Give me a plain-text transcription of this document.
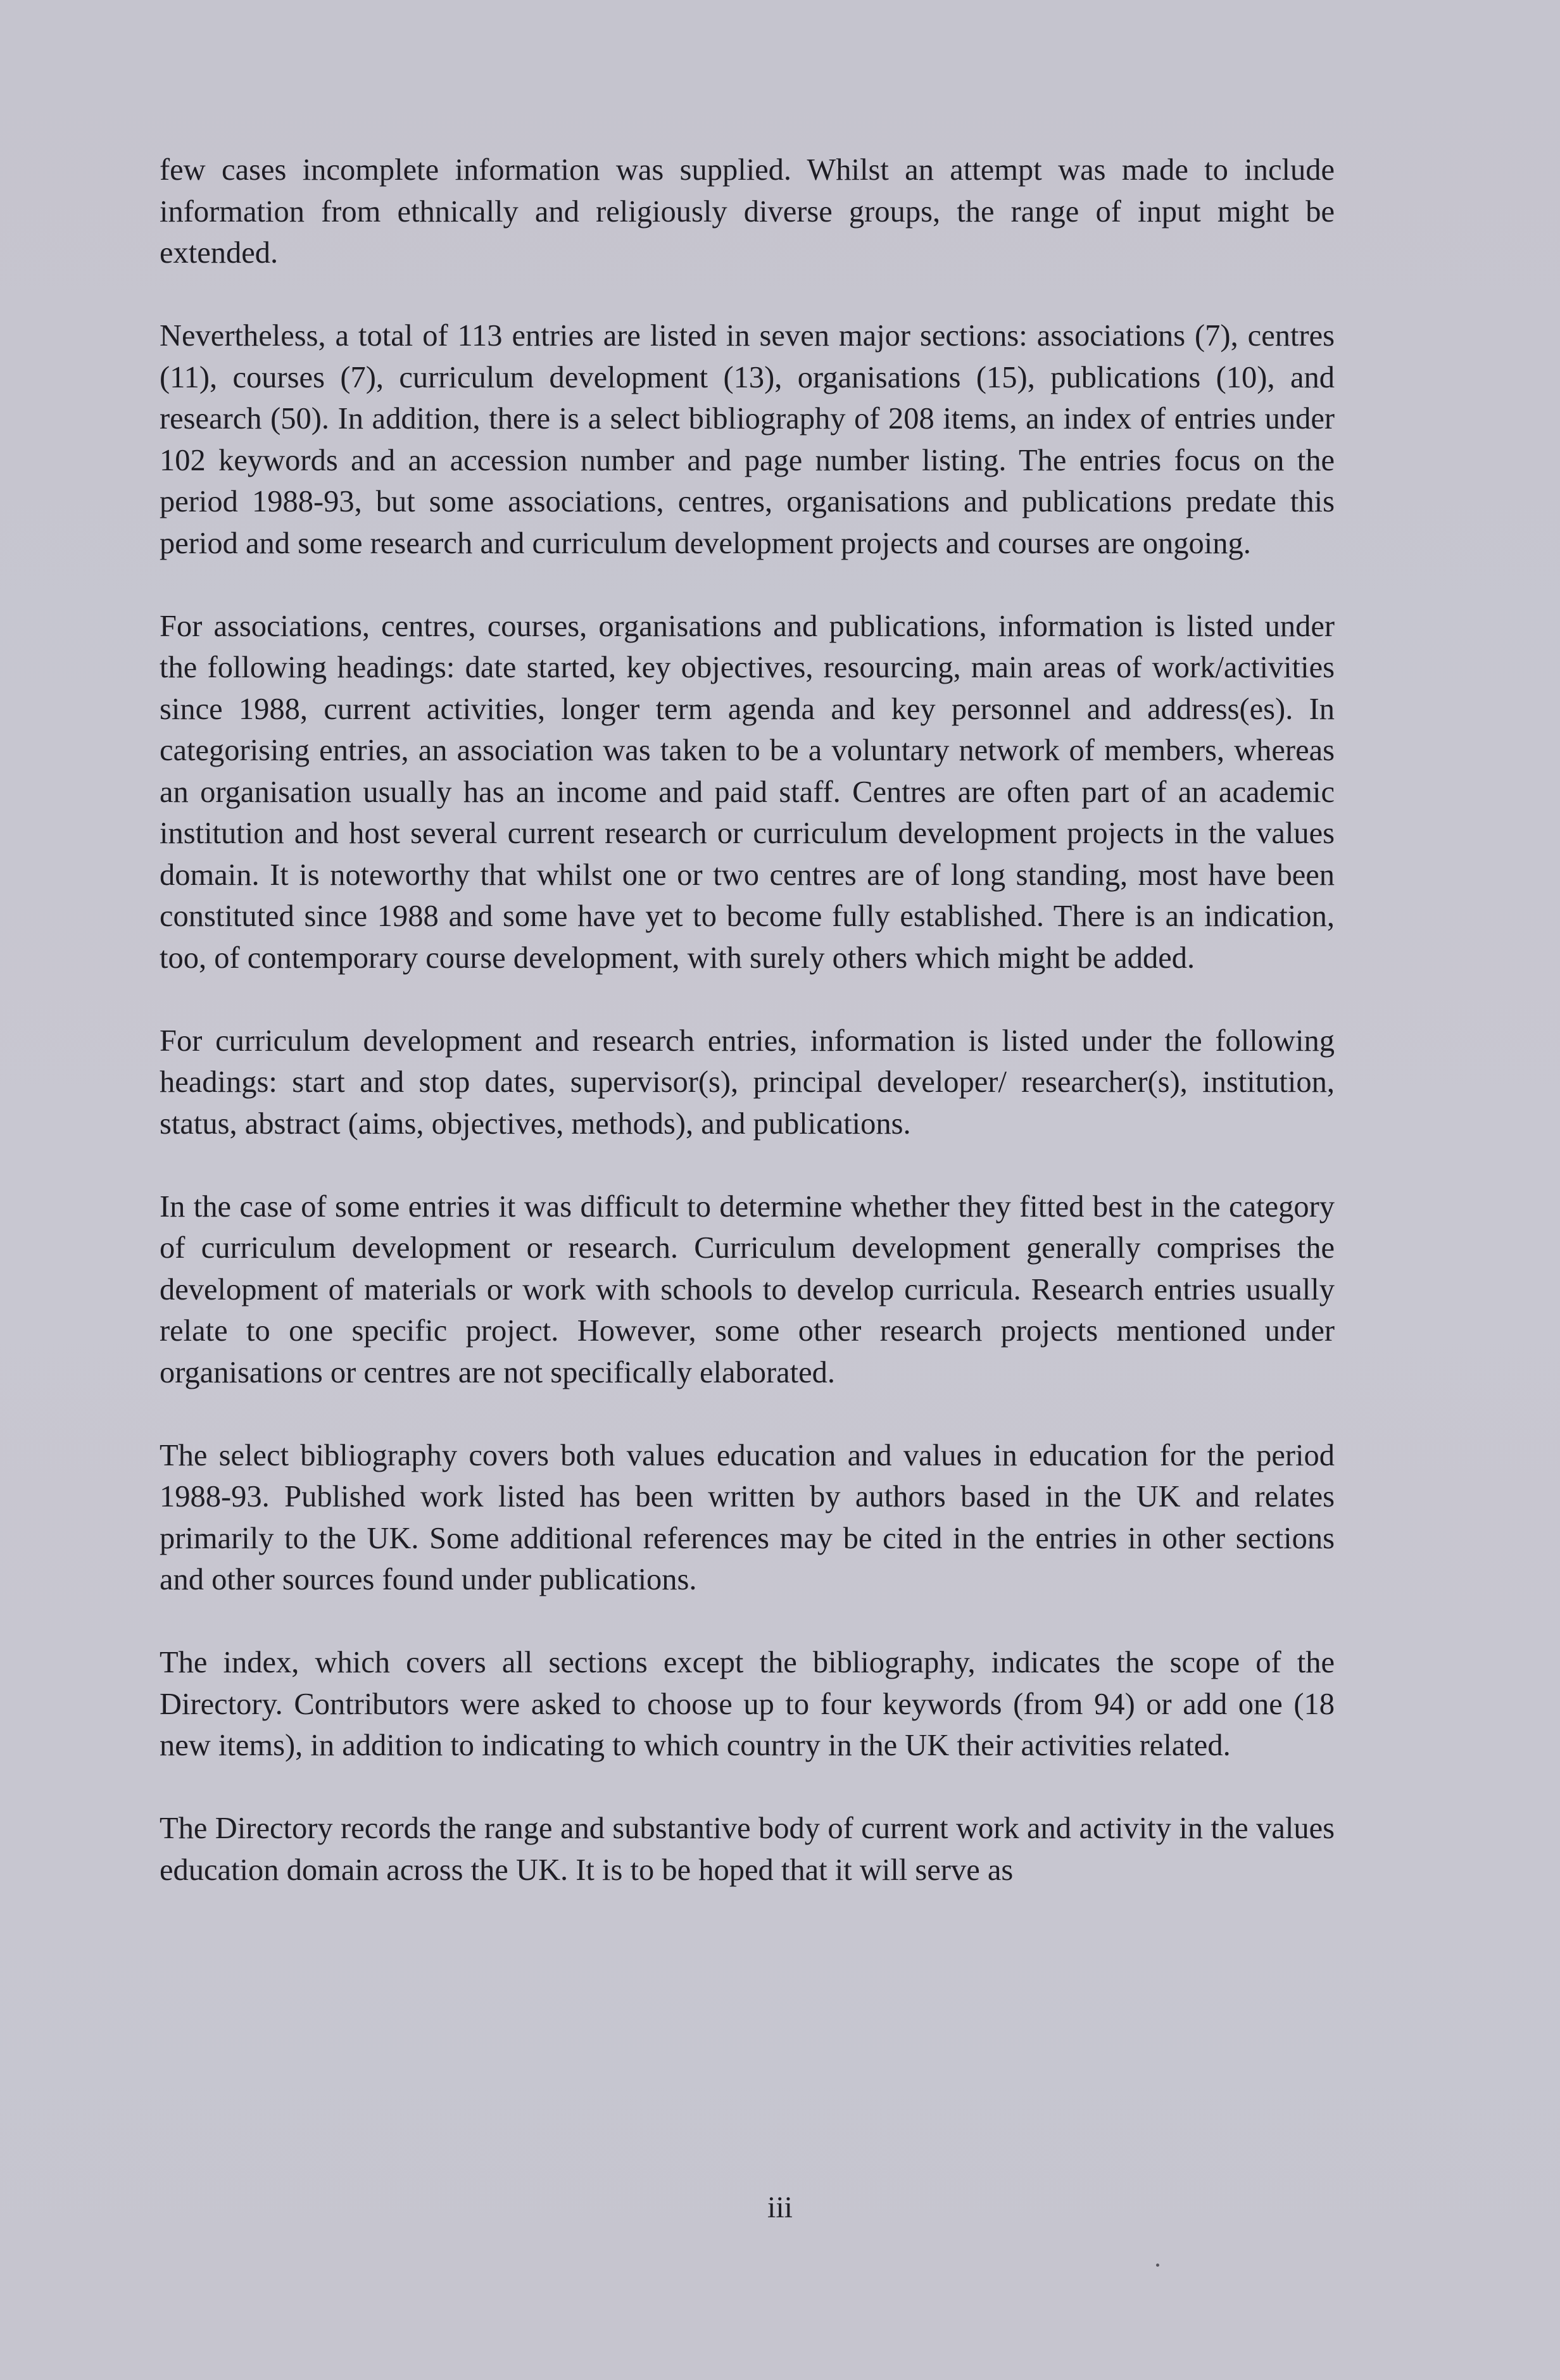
few cases incomplete information was supplied. Whilst an attempt was made to include information from ethnically and religiously diverse groups, the range of input might be extended.

Nevertheless, a total of 113 entries are listed in seven major sections: associations (7), centres (11), courses (7), curriculum development (13), organisations (15), publications (10), and research (50). In addition, there is a select bibliography of 208 items, an index of entries under 102 keywords and an accession number and page number listing. The entries focus on the period 1988-93, but some associations, centres, organisations and publications predate this period and some research and curriculum development projects and courses are ongoing.

For associations, centres, courses, organisations and publications, information is listed under the following headings: date started, key objectives, resourcing, main areas of work/activities since 1988, current activities, longer term agenda and key personnel and address(es). In categorising entries, an association was taken to be a voluntary network of members, whereas an organisation usually has an income and paid staff. Centres are often part of an academic institution and host several current research or curriculum development projects in the values domain. It is noteworthy that whilst one or two centres are of long standing, most have been constituted since 1988 and some have yet to become fully established. There is an indication, too, of contemporary course development, with surely others which might be added.

For curriculum development and research entries, information is listed under the following headings: start and stop dates, supervisor(s), principal developer/ researcher(s), institution, status, abstract (aims, objectives, methods), and publications.

In the case of some entries it was difficult to determine whether they fitted best in the category of curriculum development or research. Curriculum development generally comprises the development of materials or work with schools to develop curricula. Research entries usually relate to one specific project. However, some other research projects mentioned under organisations or centres are not specifically elaborated.

The select bibliography covers both values education and values in education for the period 1988-93. Published work listed has been written by authors based in the UK and relates primarily to the UK. Some additional references may be cited in the entries in other sections and other sources found under publications.

The index, which covers all sections except the bibliography, indicates the scope of the Directory. Contributors were asked to choose up to four keywords (from 94) or add one (18 new items), in addition to indicating to which country in the UK their activities related.

The Directory records the range and substantive body of current work and activity in the values education domain across the UK. It is to be hoped that it will serve as

iii
